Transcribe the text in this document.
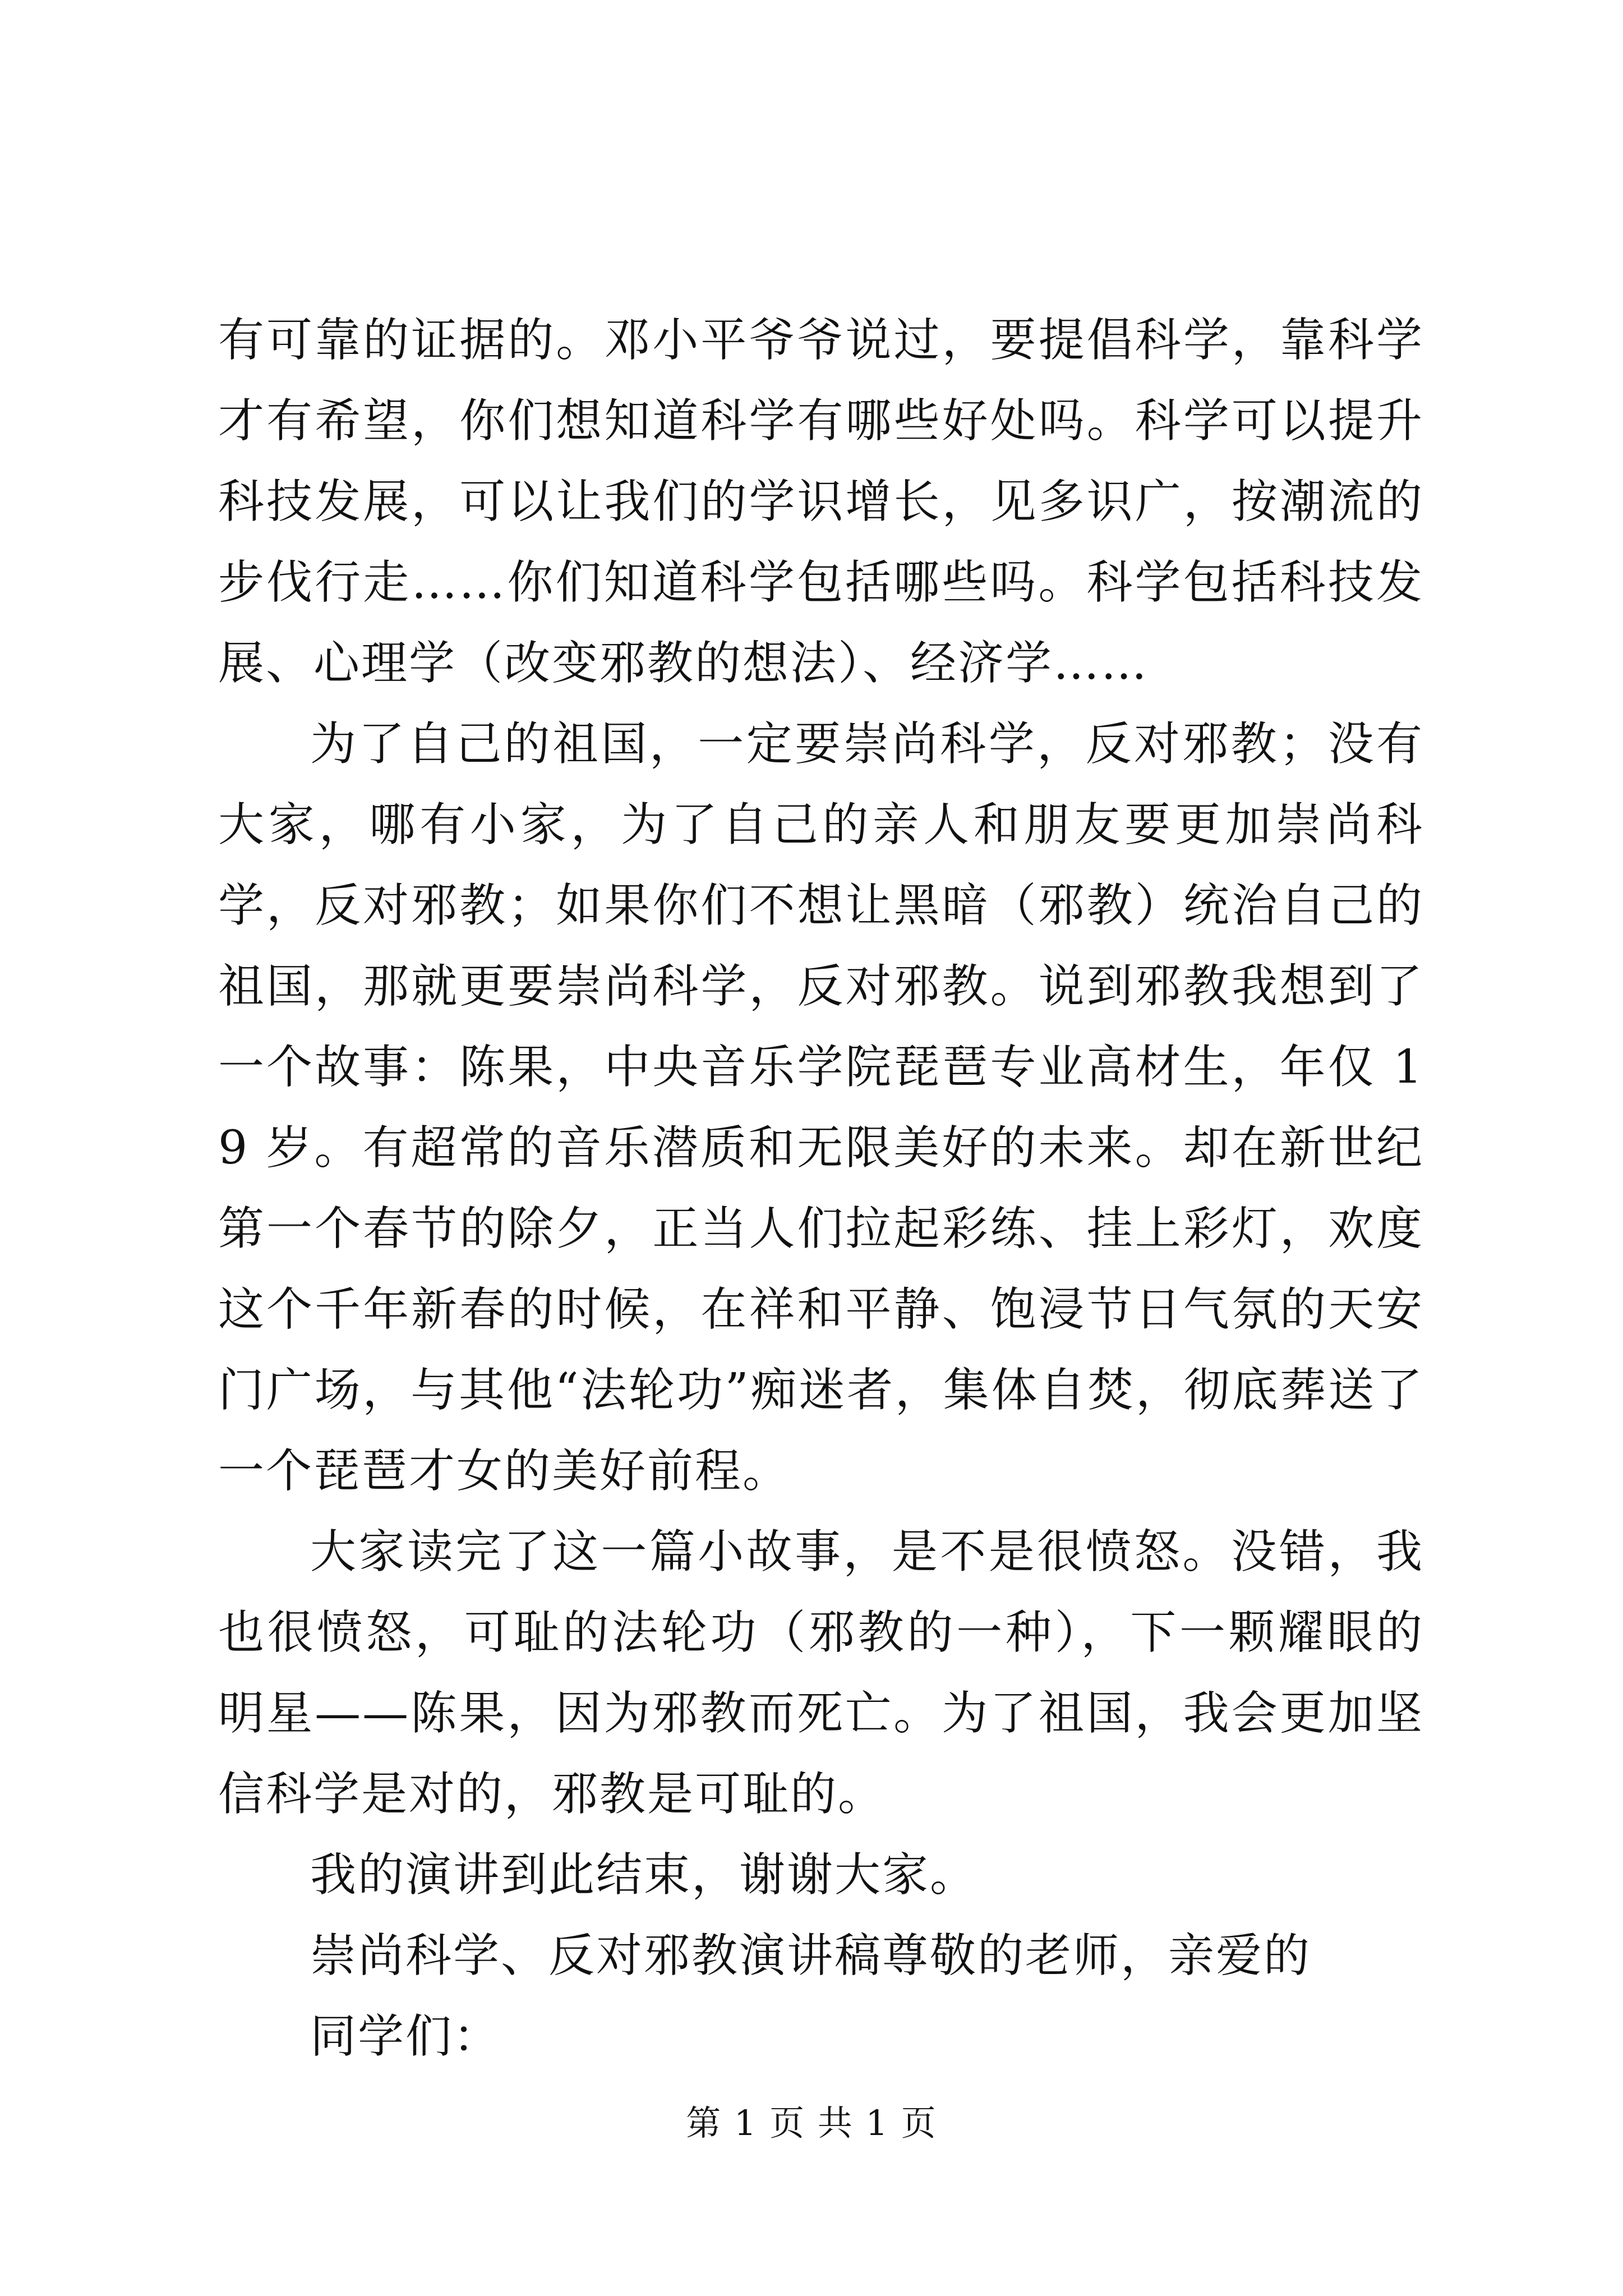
有可靠的证据的。邓小平爷爷说过，要提倡科学，靠科学才有希望，你们想知道科学有哪些好处吗。科学可以提升科技发展，可以让我们的学识增长，见多识广，按潮流的步伐行走……你们知道科学包括哪些吗。科学包括科技发展、心理学（改变邪教的想法）、经济学……

为了自己的祖国，一定要崇尚科学，反对邪教；没有大家，哪有小家，为了自己的亲人和朋友要更加崇尚科学，反对邪教；如果你们不想让黑暗（邪教）统治自己的祖国，那就更要崇尚科学，反对邪教。说到邪教我想到了一个故事：陈果，中央音乐学院琵琶专业高材生，年仅 19 岁。有超常的音乐潜质和无限美好的未来。却在新世纪第一个春节的除夕，正当人们拉起彩练、挂上彩灯，欢度这个千年新春的时候，在祥和平静、饱浸节日气氛的天安门广场，与其他“法轮功”痴迷者，集体自焚，彻底葬送了一个琵琶才女的美好前程。

大家读完了这一篇小故事，是不是很愤怒。没错，我也很愤怒，可耻的法轮功（邪教的一种），下一颗耀眼的明星——陈果，因为邪教而死亡。为了祖国，我会更加坚信科学是对的，邪教是可耻的。

我的演讲到此结束，谢谢大家。

崇尚科学、反对邪教演讲稿尊敬的老师，亲爱的

同学们：

第 1 页 共 1 页
